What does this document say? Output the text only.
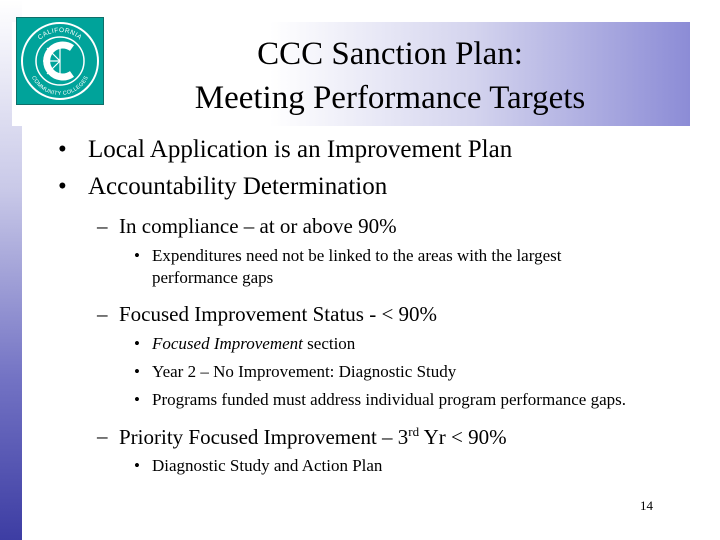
CALIFORNIA
COMMUNITY COLLEGES
CCC Sanction Plan:
Meeting Performance Targets
• Local Application is an Improvement Plan
• Accountability Determination
– In compliance – at or above 90%
• Expenditures need not be linked to the areas with the largest
performance gaps
– Focused Improvement Status - < 90%
• Focused Improvement section
• Year 2 – No Improvement: Diagnostic Study
• Programs funded must address individual program performance gaps.
– Priority Focused Improvement – 3rd Yr < 90%
• Diagnostic Study and Action Plan
14
